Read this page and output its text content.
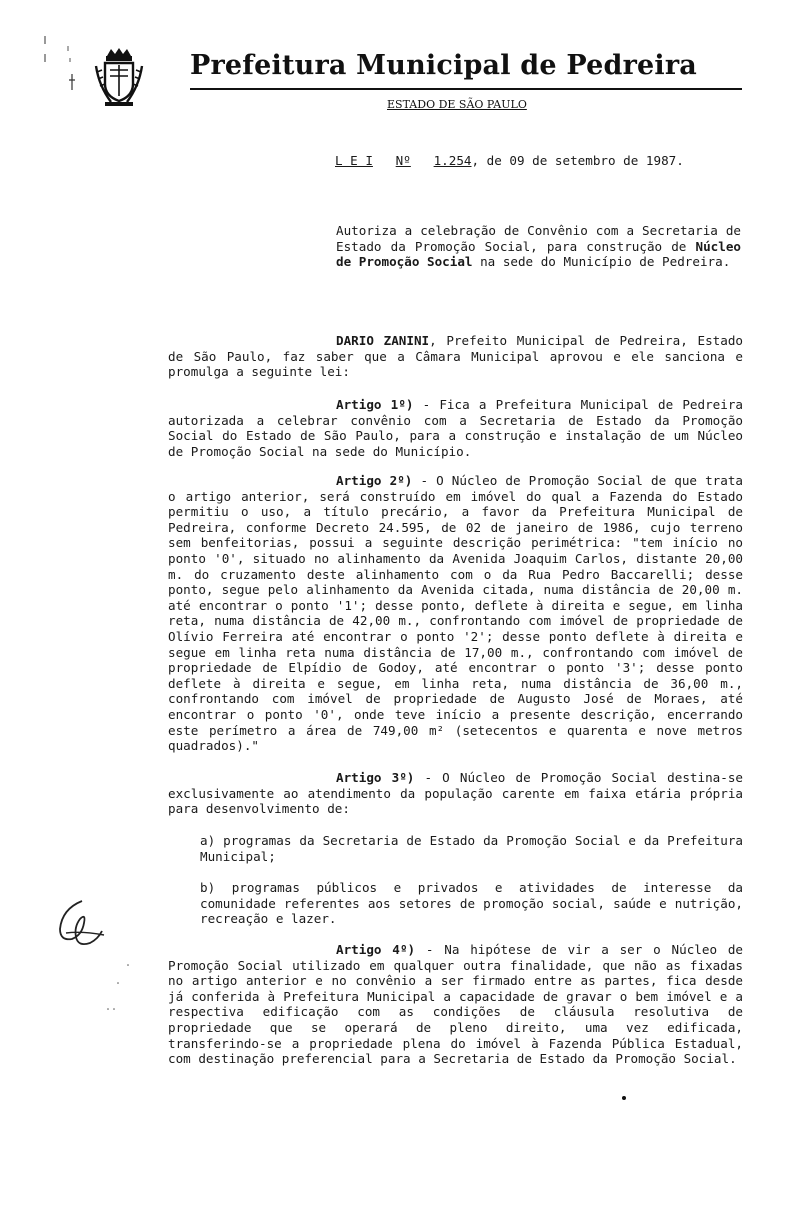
Prefeitura Municipal de Pedreira
ESTADO DE SÃO PAULO
L E I Nº 1.254, de 09 de setembro de 1987.
Autoriza a celebração de Convênio com a Secretaria de Estado da Promoção Social, para construção de Núcleo de Promoção Social na sede do Município de Pedreira.
DARIO ZANINI, Prefeito Municipal de Pedreira, Estado de São Paulo, faz saber que a Câmara Municipal aprovou e ele sanciona e promulga a seguinte lei:
Artigo 1º) - Fica a Prefeitura Municipal de Pedreira autorizada a celebrar convênio com a Secretaria de Estado da Promoção Social do Estado de São Paulo, para a construção e instalação de um Núcleo de Promoção Social na sede do Município.
Artigo 2º) - O Núcleo de Promoção Social de que trata o artigo anterior, será construído em imóvel do qual a Fazenda do Estado permitiu o uso, a título precário, a favor da Prefeitura Municipal de Pedreira, conforme Decreto 24.595, de 02 de janeiro de 1986, cujo terreno sem benfeitorias, possui a seguinte descrição perimétrica: "tem início no ponto '0', situado no alinhamento da Avenida Joaquim Carlos, distante 20,00 m. do cruzamento deste alinhamento com o da Rua Pedro Baccarelli; desse ponto, segue pelo alinhamento da Avenida citada, numa distância de 20,00 m. até encontrar o ponto '1'; desse ponto, deflete à direita e segue, em linha reta, numa distância de 42,00 m., confrontando com imóvel de propriedade de Olívio Ferreira até encontrar o ponto '2'; desse ponto deflete à direita e segue em linha reta numa distância de 17,00 m., confrontando com imóvel de propriedade de Elpídio de Godoy, até encontrar o ponto '3'; desse ponto deflete à direita e segue, em linha reta, numa distância de 36,00 m., confrontando com imóvel de propriedade de Augusto José de Moraes, até encontrar o ponto '0', onde teve início a presente descrição, encerrando este perímetro a área de 749,00 m² (setecentos e quarenta e nove metros quadrados)."
Artigo 3º) - O Núcleo de Promoção Social destina-se exclusivamente ao atendimento da população carente em faixa etária própria para desenvolvimento de:
a) programas da Secretaria de Estado da Promoção Social e da Prefeitura Municipal;
b) programas públicos e privados e atividades de interesse da comunidade referentes aos setores de promoção social, saúde e nutrição, recreação e lazer.
Artigo 4º) - Na hipótese de vir a ser o Núcleo de Promoção Social utilizado em qualquer outra finalidade, que não as fixadas no artigo anterior e no convênio a ser firmado entre as partes, fica desde já conferida à Prefeitura Municipal a capacidade de gravar o bem imóvel e a respectiva edificação com as condições de cláusula resolutiva de propriedade que se operará de pleno direito, uma vez edificada, transferindo-se a propriedade plena do imóvel à Fazenda Pública Estadual, com destinação preferencial para a Secretaria de Estado da Promoção Social.
